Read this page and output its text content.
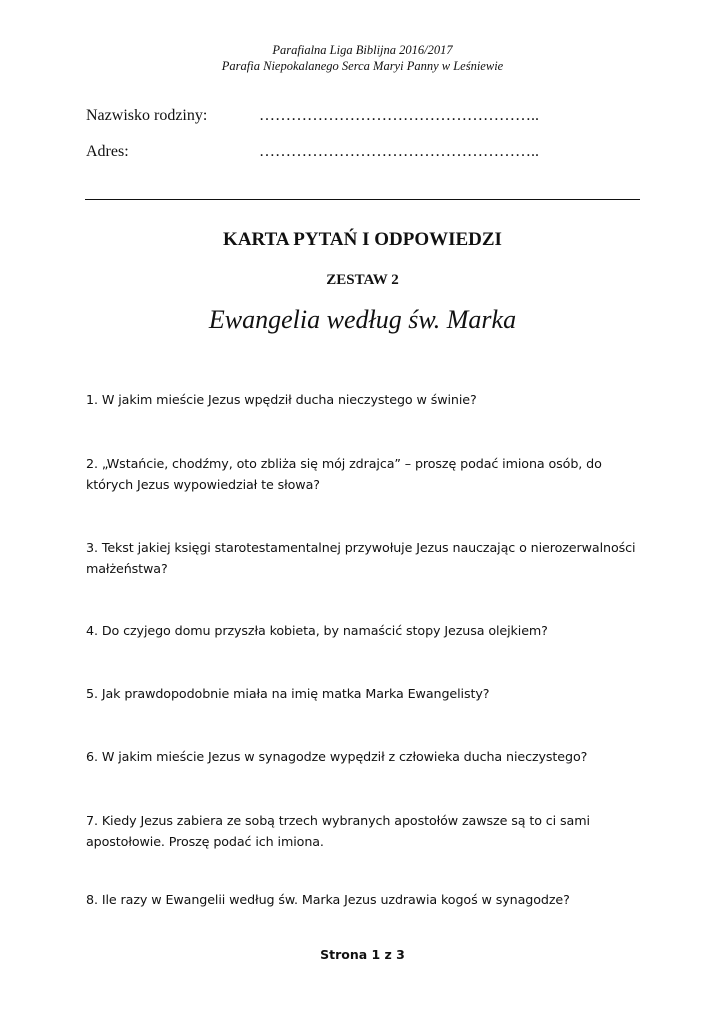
Parafialna Liga Biblijna 2016/2017
Parafia Niepokalanego Serca Maryi Panny w Leśniewie
Nazwisko rodziny:	……………………………………………..
Adres:	……………………………………………..
KARTA PYTAŃ I ODPOWIEDZI
ZESTAW 2
Ewangelia według św. Marka
1. W jakim mieście Jezus wpędził ducha nieczystego w świnie?
2. „Wstańcie, chodźmy, oto zbliża się mój zdrajca” – proszę podać imiona osób, do których Jezus wypowiedział te słowa?
3. Tekst jakiej księgi starotestamentalnej przywołuje Jezus nauczając o nierozerwalności małżeństwa?
4. Do czyjego domu przyszła kobieta, by namaścić stopy Jezusa olejkiem?
5. Jak prawdopodobnie miała na imię matka Marka Ewangelisty?
6. W jakim mieście Jezus w synagodze wypędził z człowieka ducha nieczystego?
7. Kiedy Jezus zabiera ze sobą trzech wybranych apostołów zawsze są to ci sami apostołowie. Proszę podać ich imiona.
8. Ile razy w Ewangelii według św. Marka Jezus uzdrawia kogoś w synagodze?
Strona 1 z 3
